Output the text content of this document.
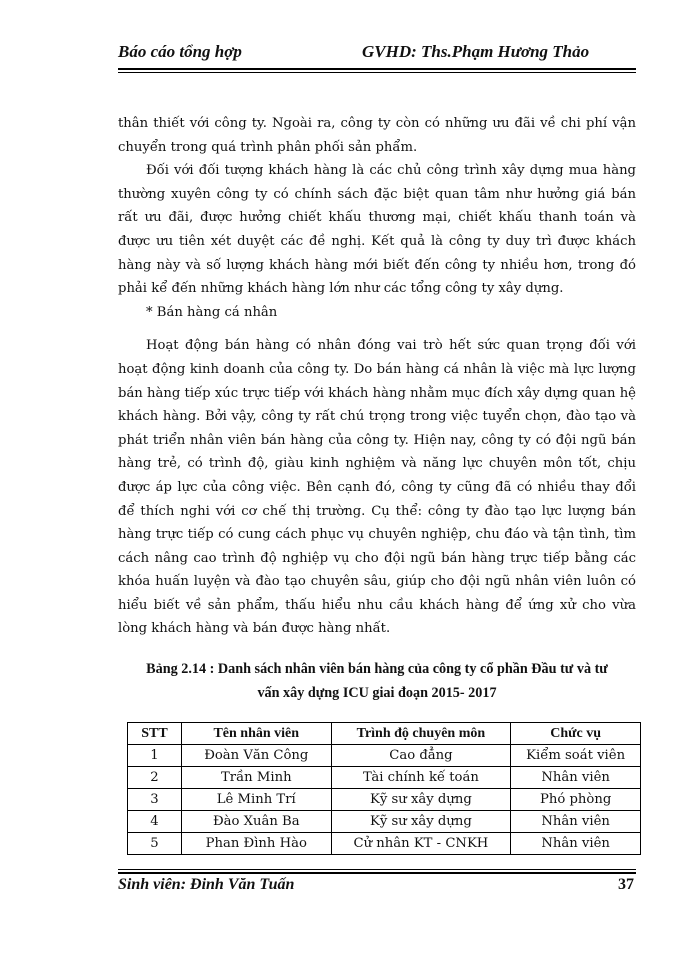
Báo cáo tổng hợp	GVHD: Ths.Phạm Hương Thảo

thân thiết với công ty. Ngoài ra, công ty còn có những ưu đãi về chi phí vận chuyển trong quá trình phân phối sản phẩm.

Đối với đối tượng khách hàng là các chủ công trình xây dựng mua hàng thường xuyên công ty có chính sách đặc biệt quan tâm như hưởng giá bán rất ưu đãi, được hưởng chiết khấu thương mại, chiết khấu thanh toán và được ưu tiên xét duyệt các đề nghị. Kết quả là công ty duy trì được khách hàng này và số lượng khách hàng mới biết đến công ty nhiều hơn, trong đó phải kể đến những khách hàng lớn như các tổng công ty xây dựng.

* Bán hàng cá nhân

Hoạt động bán hàng có nhân đóng vai trò hết sức quan trọng đối với hoạt động kinh doanh của công ty. Do bán hàng cá nhân là việc mà lực lượng bán hàng tiếp xúc trực tiếp với khách hàng nhằm mục đích xây dựng quan hệ khách hàng. Bởi vậy, công ty rất chú trọng trong việc tuyển chọn, đào tạo và phát triển nhân viên bán hàng của công ty. Hiện nay, công ty có đội ngũ bán hàng trẻ, có trình độ, giàu kinh nghiệm và năng lực chuyên môn tốt, chịu được áp lực của công việc. Bên cạnh đó, công ty cũng đã có nhiều thay đổi để thích nghi với cơ chế thị trường. Cụ thể: công ty đào tạo lực lượng bán hàng trực tiếp có cung cách phục vụ chuyên nghiệp, chu đáo và tận tình, tìm cách nâng cao trình độ nghiệp vụ cho đội ngũ bán hàng trực tiếp bằng các khóa huấn luyện và đào tạo chuyên sâu, giúp cho đội ngũ nhân viên luôn có hiểu biết về sản phẩm, thấu hiểu nhu cầu khách hàng để ứng xử cho vừa lòng khách hàng và bán được hàng nhất.

Bảng 2.14 : Danh sách nhân viên bán hàng của công ty cổ phần Đầu tư và tư
vấn xây dựng ICU giai đoạn 2015- 2017
STT	Tên nhân viên	Trình độ chuyên môn	Chức vụ
1	Đoàn Văn Công	Cao đẳng	Kiểm soát viên
2	Trần Minh	Tài chính kế toán	Nhân viên
3	Lê Minh Trí	Kỹ sư xây dựng	Phó phòng
4	Đào Xuân Ba	Kỹ sư xây dựng	Nhân viên
5	Phan Đình Hào	Cử nhân KT - CNKH	Nhân viên
Sinh viên: Đinh Văn Tuấn	37
